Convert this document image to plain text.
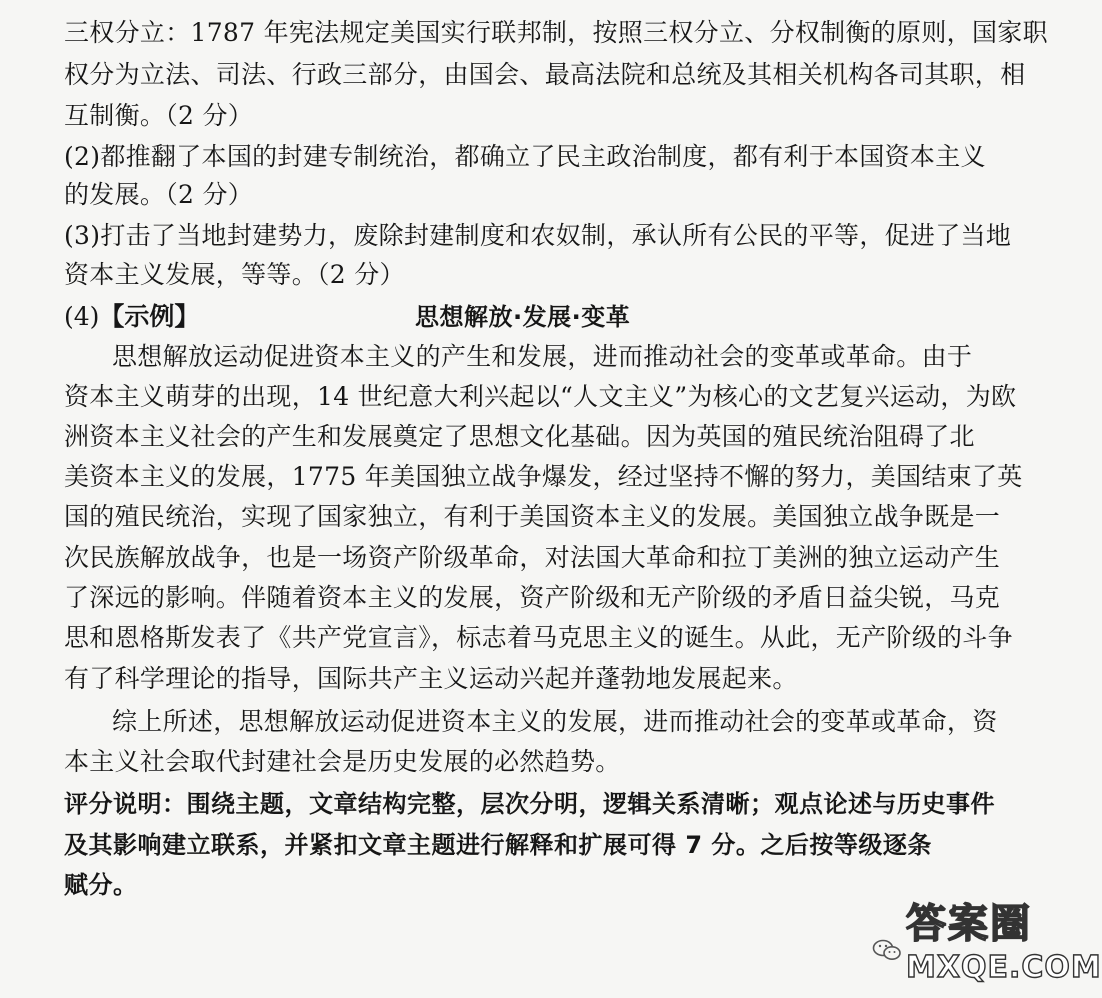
三权分立：1787 年宪法规定美国实行联邦制，按照三权分立、分权制衡的原则，国家职
权分为立法、司法、行政三部分，由国会、最高法院和总统及其相关机构各司其职，相
互制衡。（2 分）
(2)都推翻了本国的封建专制统治，都确立了民主政治制度，都有利于本国资本主义
的发展。（2 分）
(3)打击了当地封建势力，废除封建制度和农奴制，承认所有公民的平等，促进了当地
资本主义发展，等等。（2 分）
(4)【示例】	思想解放·发展·变革
思想解放运动促进资本主义的产生和发展，进而推动社会的变革或革命。由于
资本主义萌芽的出现，14 世纪意大利兴起以“人文主义”为核心的文艺复兴运动，为欧
洲资本主义社会的产生和发展奠定了思想文化基础。因为英国的殖民统治阻碍了北
美资本主义的发展，1775 年美国独立战争爆发，经过坚持不懈的努力，美国结束了英
国的殖民统治，实现了国家独立，有利于美国资本主义的发展。美国独立战争既是一
次民族解放战争，也是一场资产阶级革命，对法国大革命和拉丁美洲的独立运动产生
了深远的影响。伴随着资本主义的发展，资产阶级和无产阶级的矛盾日益尖锐，马克
思和恩格斯发表了《共产党宣言》，标志着马克思主义的诞生。从此，无产阶级的斗争
有了科学理论的指导，国际共产主义运动兴起并蓬勃地发展起来。
综上所述，思想解放运动促进资本主义的发展，进而推动社会的变革或革命，资
本主义社会取代封建社会是历史发展的必然趋势。
评分说明：围绕主题，文章结构完整，层次分明，逻辑关系清晰；观点论述与历史事件
及其影响建立联系，并紧扣文章主题进行解释和扩展可得 7 分。之后按等级逐条
赋分。
答案圈
MXQE.COM
